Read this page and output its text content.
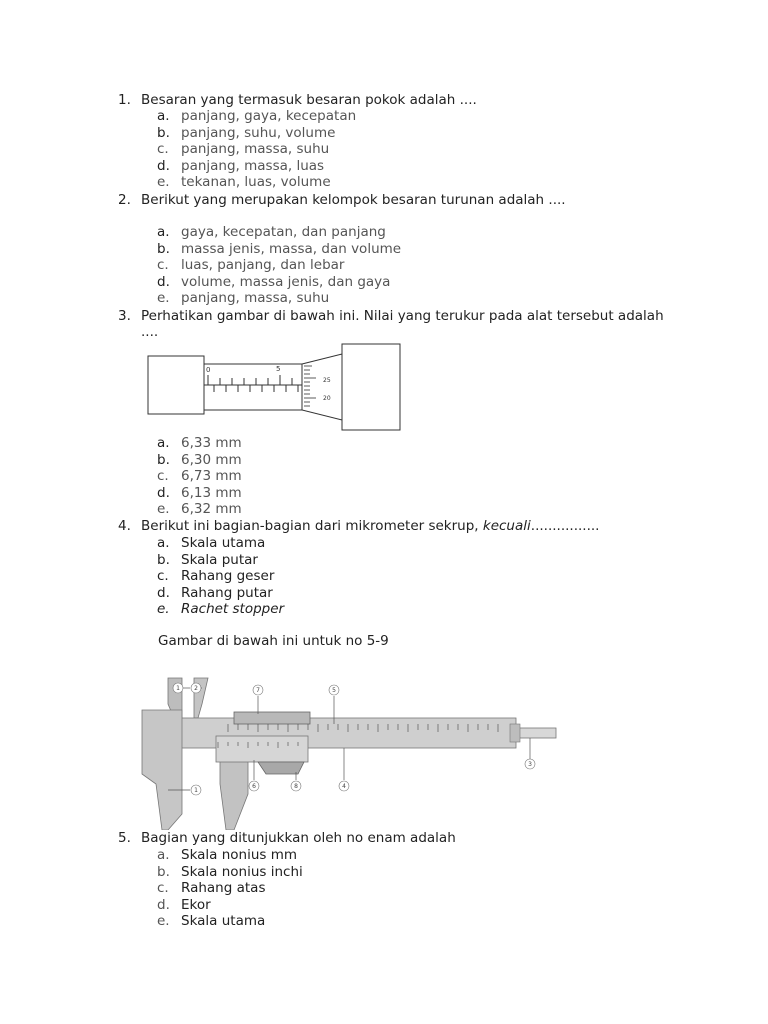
1. Besaran yang termasuk besaran pokok adalah ....
a. panjang, gaya, kecepatan
b. panjang, suhu, volume
c. panjang, massa, suhu
d. panjang, massa, luas
e. tekanan, luas, volume
2. Berikut yang merupakan kelompok besaran turunan adalah ....
a. gaya, kecepatan, dan panjang
b. massa jenis, massa, dan volume
c. luas, panjang, dan lebar
d. volume, massa jenis, dan gaya
e. panjang, massa, suhu
3. Perhatikan gambar di bawah ini. Nilai yang terukur pada alat tersebut adalah
....
0	5
25
20
a. 6,33 mm
b. 6,30 mm
c. 6,73 mm
d. 6,13 mm
e. 6,32 mm
4. Berikut ini bagian-bagian dari mikrometer sekrup, kecuali................
a. Skala utama
b. Skala putar
c. Rahang geser
d. Rahang putar
e. Rachet stopper
Gambar di bawah ini untuk no 5-9
1 2	7	5
3
1
6	8	4
5. Bagian yang ditunjukkan oleh no enam adalah
a. Skala nonius mm
b. Skala nonius inchi
c. Rahang atas
d. Ekor
e. Skala utama
